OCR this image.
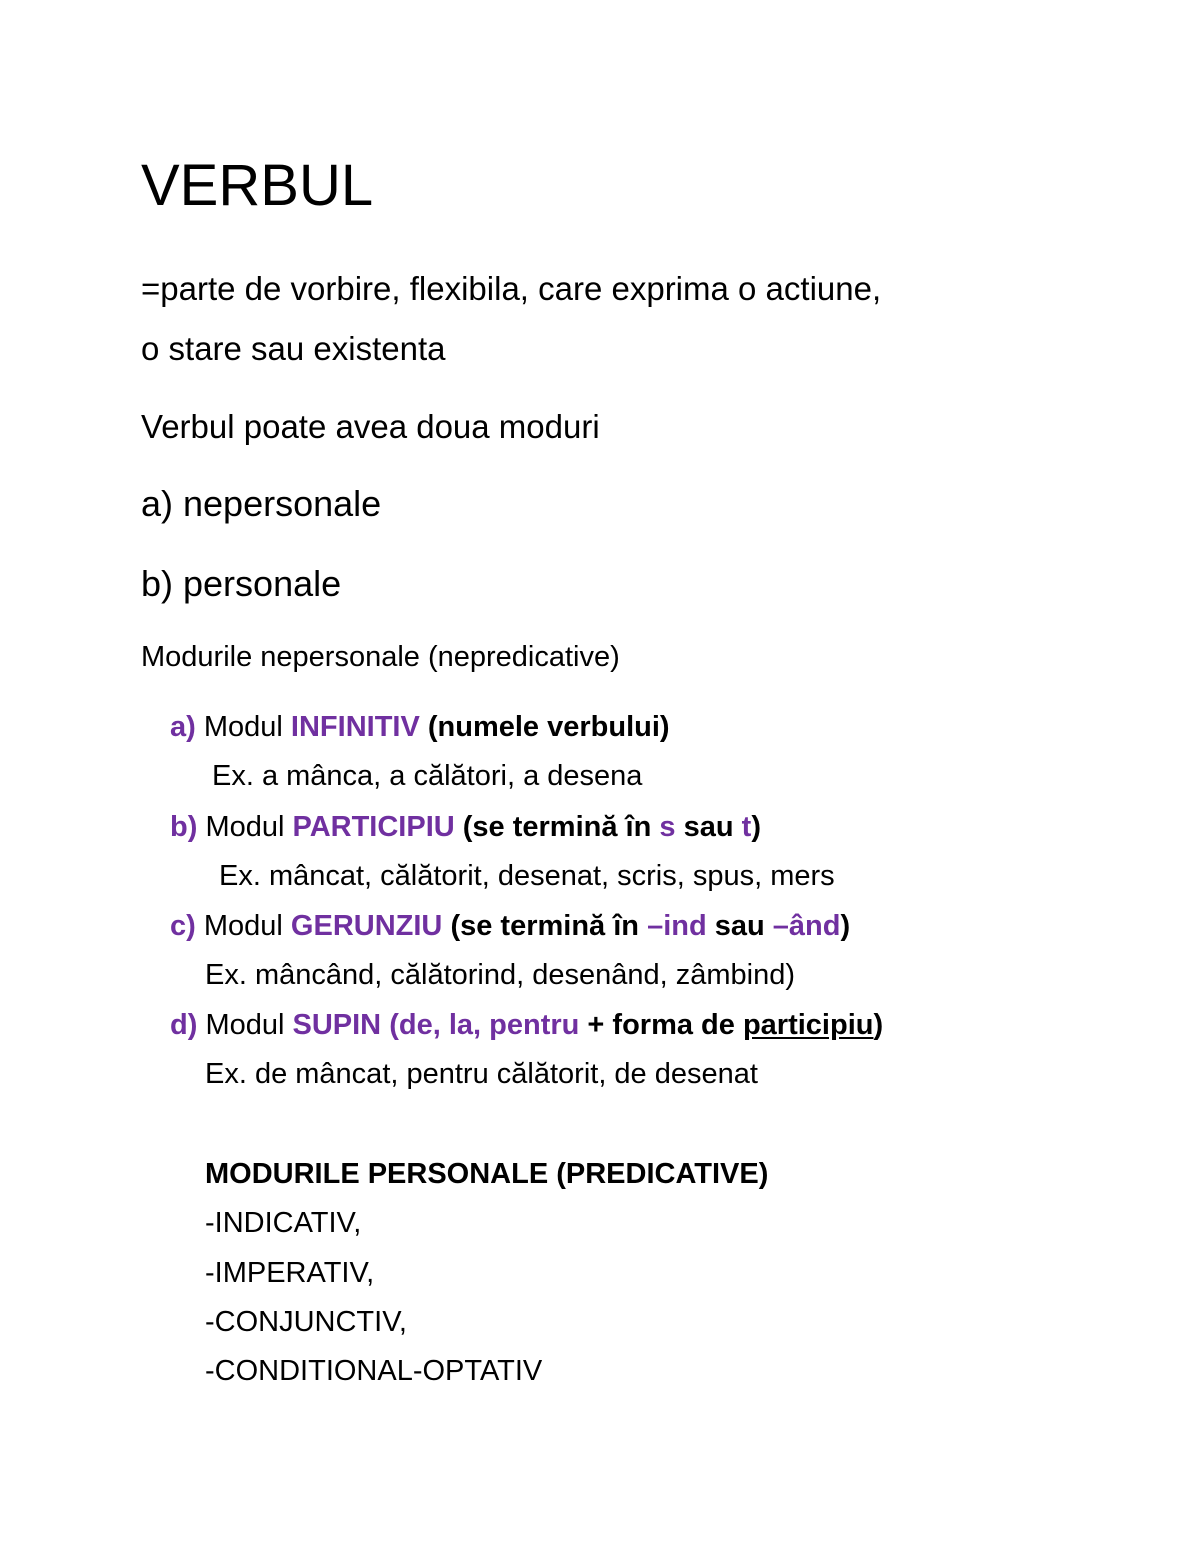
VERBUL
=parte de vorbire, flexibila, care exprima o actiune,
o stare sau existenta
Verbul poate avea doua moduri
a) nepersonale
b) personale
Modurile nepersonale (nepredicative)
a) Modul INFINITIV (numele verbului)
Ex. a mânca, a călători, a desena
b) Modul PARTICIPIU (se termină în s sau t)
Ex. mâncat, călătorit, desenat, scris, spus, mers
c) Modul GERUNZIU (se termină în –ind sau –ând)
Ex. mâncând, călătorind, desenând, zâmbind)
d) Modul SUPIN (de, la, pentru + forma de participiu)
Ex. de mâncat, pentru călătorit, de desenat
MODURILE PERSONALE (PREDICATIVE)
-INDICATIV,
-IMPERATIV,
-CONJUNCTIV,
-CONDITIONAL-OPTATIV
